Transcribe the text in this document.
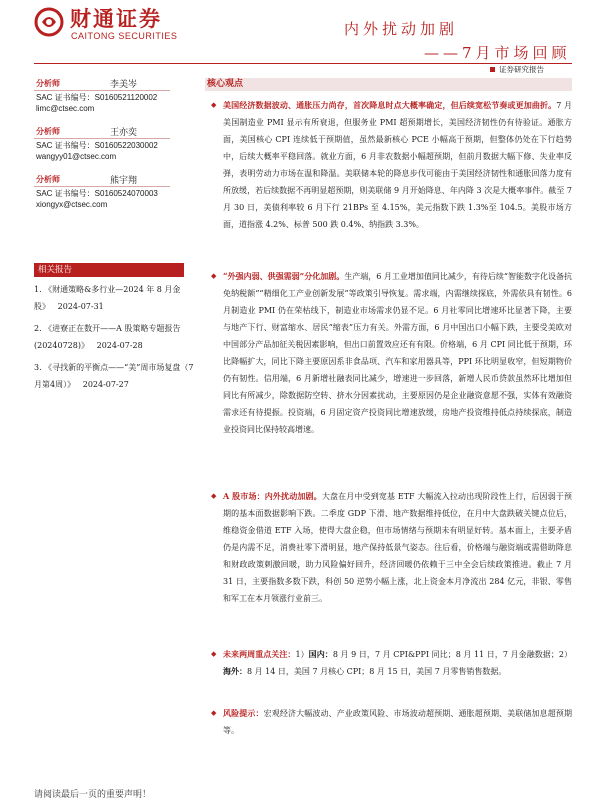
财通证券
CAITONG SECURITIES	内外扰动加剧
——7月市场回顾
证券研究报告
分析师	李美岑
SAC 证书编号：S0160521120002
limc@ctsec.com
分析师	王亦奕
SAC 证书编号：S0160522030002
wangyy01@ctsec.com
分析师	熊宇翔
SAC 证书编号：S0160524070003
xiongyx@ctsec.com
相关报告
1. 《财通策略&多行业—2024 年 8 月金股》 2024-07-31
2. 《进寮正在数开——A 股策略专题报告(20240728)》 2024-07-28
3. 《寻找新的平衡点——“美”周市场复盘（7月第4周）》 2024-07-27
核心观点
◆ 美国经济数据波动、通胀压力尚存，首次降息时点大概率确定，但后续宽松节奏或更加曲折。7 月美国制造业 PMI 显示有所衰退，但服务业 PMI 超预期增长，美国经济韧性仍有待验证。通胀方面，美国核心 CPI 连续低于预期值，虽然最新核心 PCE 小幅高于预期，但整体仍处在下行趋势中，后续大概率平稳回落。就业方面，6 月非农数据小幅超预期，但前月数据大幅下修、失业率反弹，表明劳动力市场在温和降温。美联储本轮的降息步伐可能由于美国经济韧性和通胀回落力度有所放缓，若后续数据不再明显超预期，则美联储 9 月开始降息、年内降 3 次是大概率事件。截至 7 月 30 日，美债利率较 6 月下行 21BPs 至 4.15%，美元指数下跌 1.3%至 104.5。美股市场方面，道指涨 4.2%、标普 500 跌 0.4%、纳指跌 3.3%。
◆ “外强内弱、供强需弱”分化加剧。生产端，6 月工业增加值同比减少，有待后续“智能数字化设备抗免纳税额”“精细化工产业创新发展”等政策引导恢复。需求端，内需继续探底，外需依具有韧性。6 月制造业 PMI 仍在荣枯线下，制造业市场需求仍显不足。6 月社零同比增速环比显著下降，主要与地产下行、财富缩水、居民“缩表”压力有关。外需方面，6 月中国出口小幅下跌，主要受美欧对中国部分产品加征关税因素影响，但出口前置效应还有有限。价格端，6 月 CPI 同比低于预期，环比降幅扩大，同比下降主要原因系非食品项、汽车和家用器具等，PPI 环比明显收窄，但短期物价仍有韧性。信用端，6 月新增社融表同比减少，增速进一步回落，新增人民币贷款虽然环比增加但同比有所减少，除数据防空转、挤水分因素扰动，主要原因仍是企业融资意愿不强，实体有效融资需求还有待提振。投资端，6 月固定资产投资同比增速放缓，房地产投资维持低点持续探底，制造业投资同比保持较高增速。
◆ A 股市场：内外扰动加剧。大盘在月中受到宽基 ETF 大幅流入拉动出现阶段性上行，后因弱于预期的基本面数据影响下跌。二季度 GDP 下滑、地产数据维持低位，在月中大盘跌破关键点位后，维稳资金借道 ETF 入场，使得大盘企稳，但市场情绪与预期未有明显好转。基本面上，主要矛盾仍是内需不足，消费社零下滑明显，地产保持低景气姿态。往后看，价格端与融资端或需借助降息和财政政策刺激回暖，助力风险偏好回升，经济回暖仍依赖于三中全会后续政策推进。截止 7 月 31 日，主要指数多数下跌，科创 50 逆势小幅上涨，北上资金本月净流出 284 亿元，非银、零售和军工在本月领涨行业前三。
◆ 未来两周重点关注：1）国内：8 月 9 日，7 月 CPI&PPI 同比；8 月 11 日，7 月金融数据；2）海外：8 月 14 日，美国 7 月核心 CPI；8 月 15 日，美国 7 月零售销售数据。
◆ 风险提示：宏观经济大幅波动、产业政策风险、市场波动超预期、通胀超预期、美联储加息超预期等。
请阅读最后一页的重要声明！
